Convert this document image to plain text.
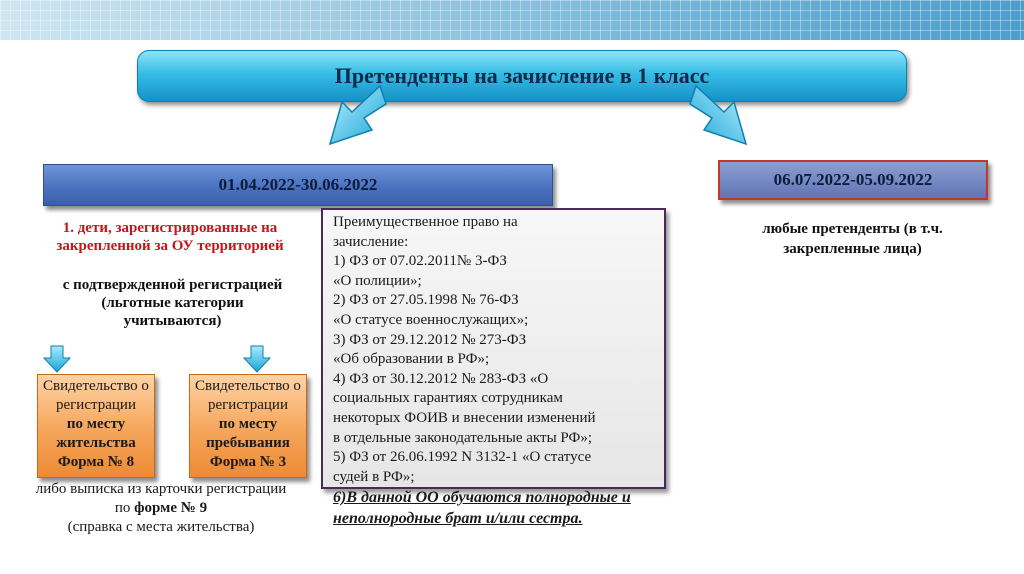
Претенденты на зачисление в 1 класс
01.04.2022-30.06.2022	06.07.2022-05.09.2022
1. дети, зарегистрированные на закрепленной за ОУ территорией
с подтвержденной регистрацией (льготные категории учитываются)
Свидетельство о регистрации
по месту жительства Форма № 8
Свидетельство о регистрации
по месту пребывания Форма № 3
либо выписка из карточки регистрации по форме № 9
(справка с места жительства)
Преимущественное право на
зачисление:
1) ФЗ от 07.02.2011№ 3-ФЗ
«О полиции»;
2) ФЗ от 27.05.1998 № 76-ФЗ
«О статусе военнослужащих»;
3) ФЗ от 29.12.2012 № 273-ФЗ
«Об образовании в РФ»;
4) ФЗ от 30.12.2012 № 283-ФЗ «О
социальных гарантиях сотрудникам
некоторых ФОИВ и внесении изменений
в отдельные законодательные акты РФ»;
5) ФЗ от 26.06.1992 N 3132-1 «О статусе
судей в РФ»;
6)В данной ОО обучаются полнородные и
неполнородные брат и/или сестра.
любые претенденты (в т.ч. закрепленные лица)
